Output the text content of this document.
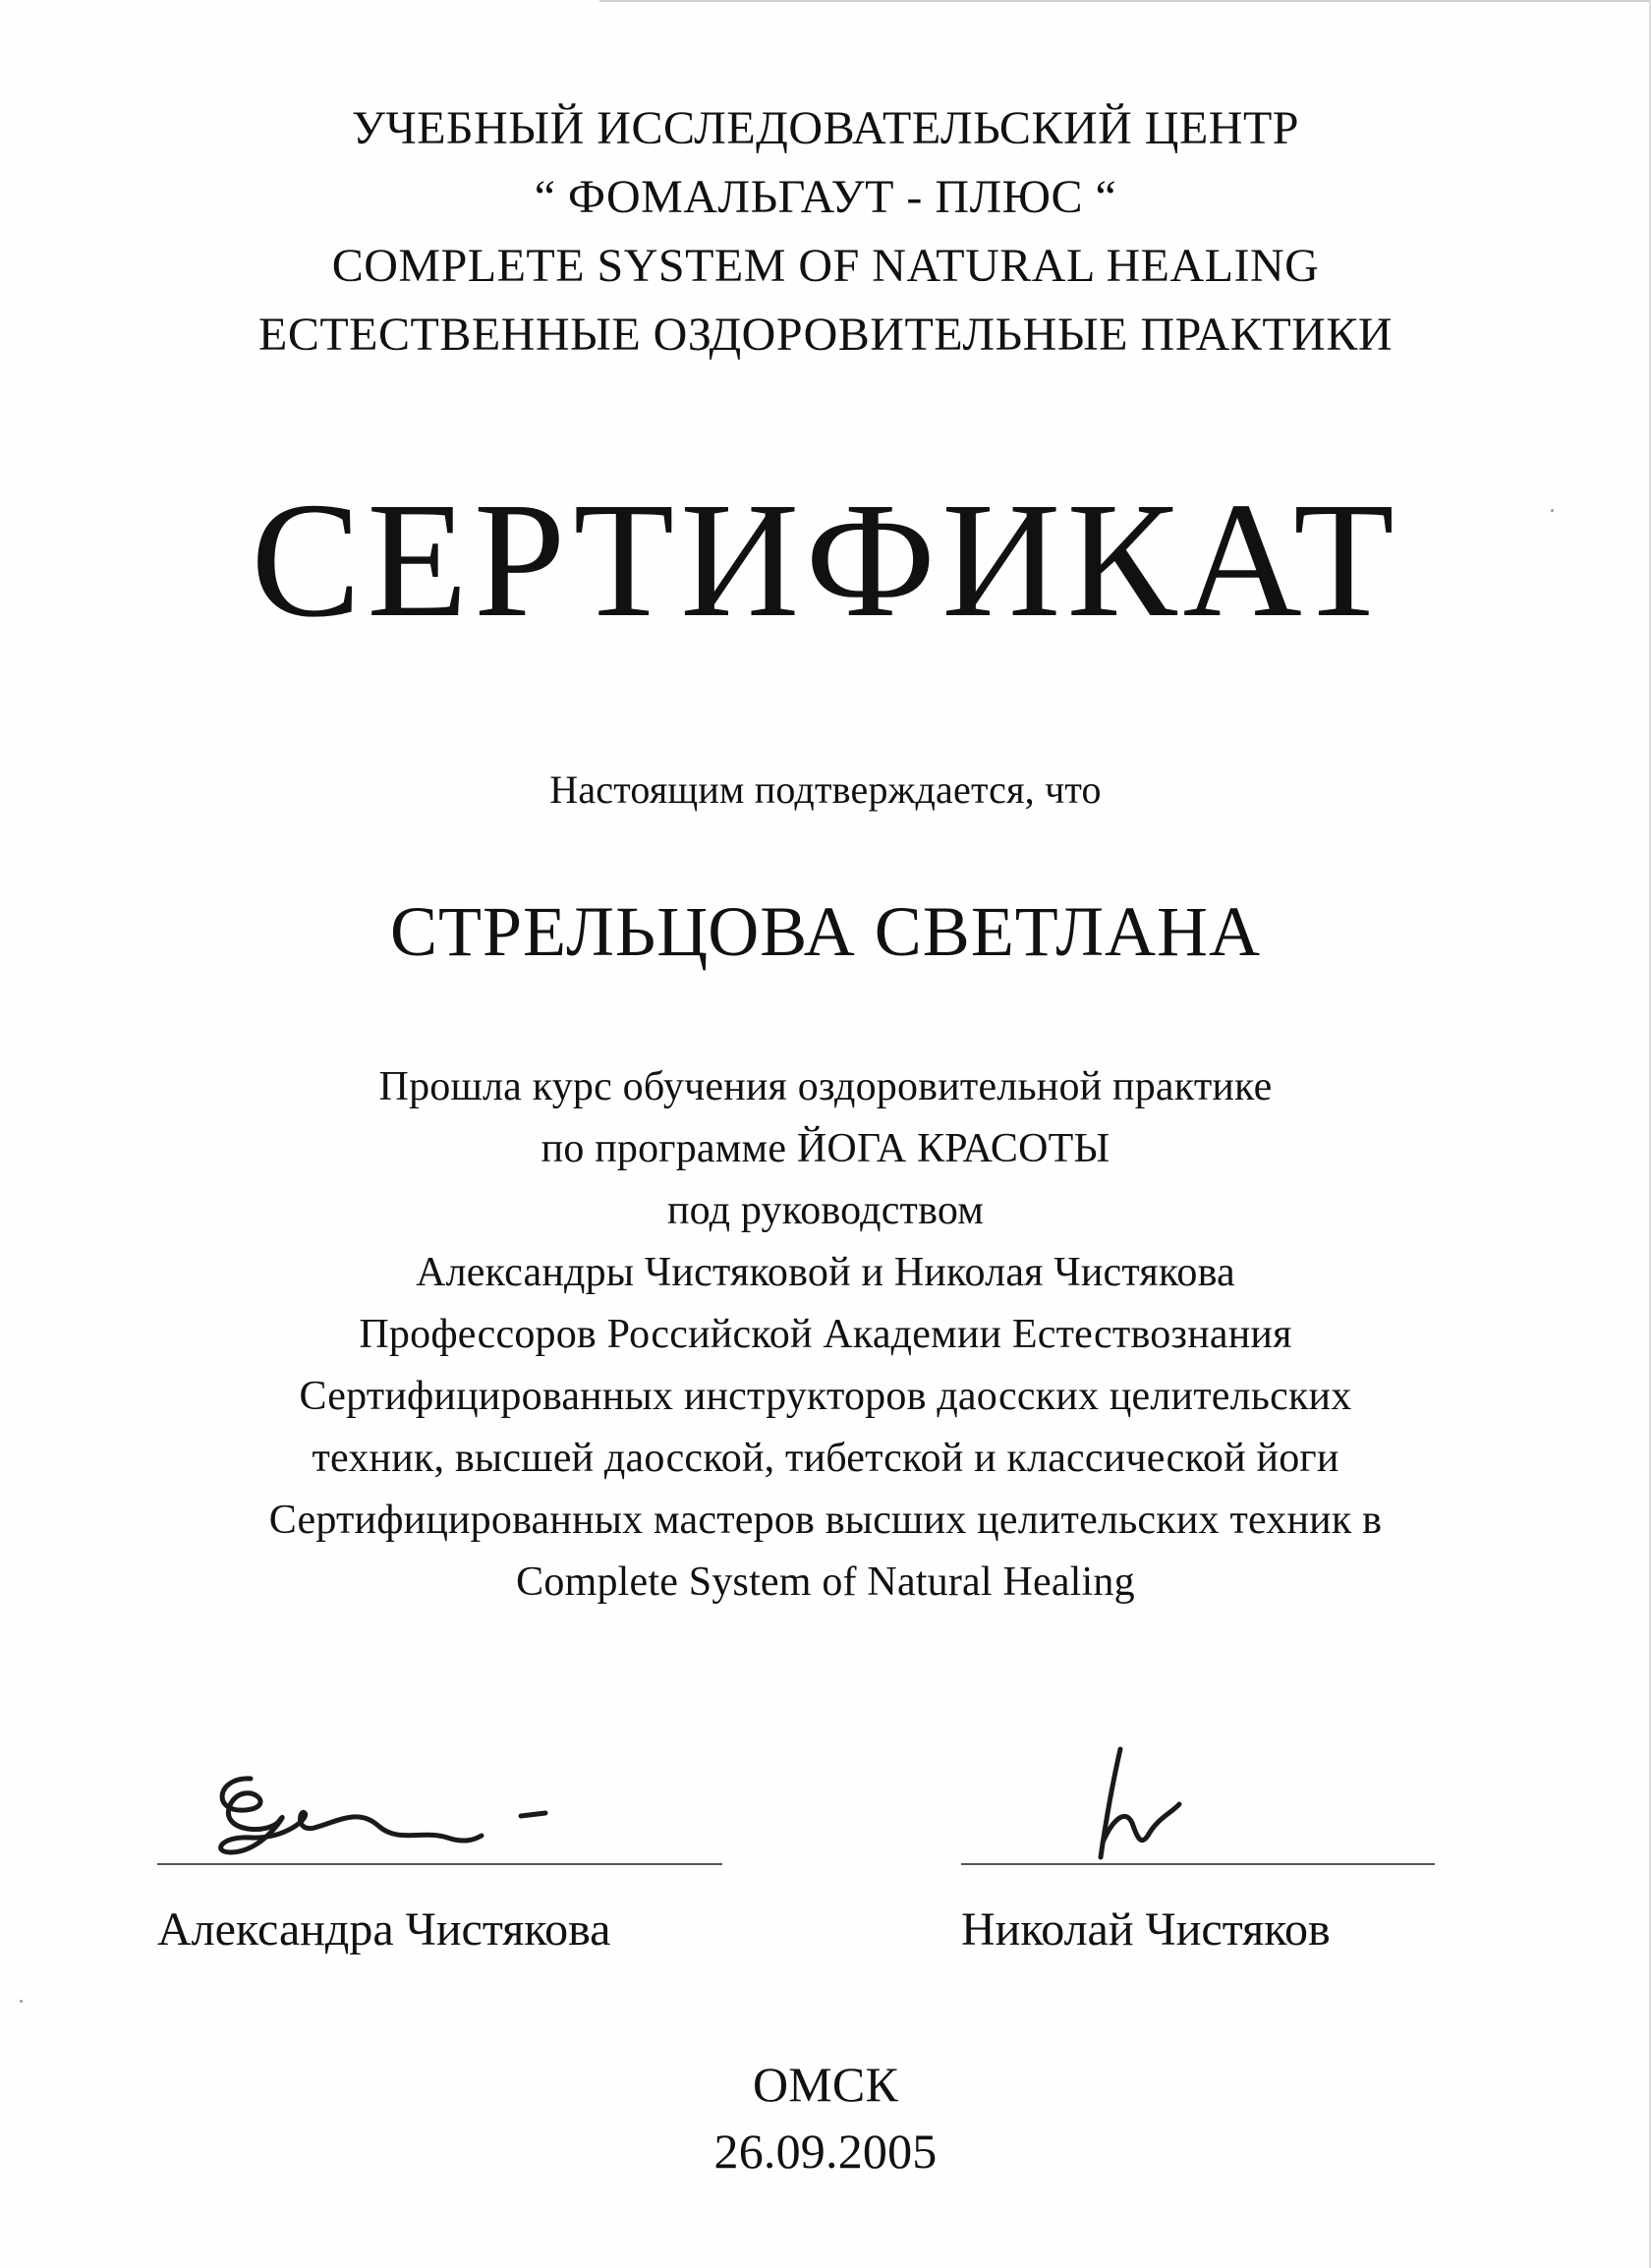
УЧЕБНЫЙ ИССЛЕДОВАТЕЛЬСКИЙ ЦЕНТР
“ ФОМАЛЬГАУТ - ПЛЮС “
COMPLETE SYSTEM OF NATURAL HEALING
ЕСТЕСТВЕННЫЕ ОЗДОРОВИТЕЛЬНЫЕ ПРАКТИКИ
СЕРТИФИКАТ
Настоящим подтверждается, что
СТРЕЛЬЦОВА СВЕТЛАНА
Прошла курс обучения оздоровительной практике
по программе ЙОГА КРАСОТЫ
под руководством
Александры Чистяковой и Николая Чистякова
Профессоров Российской Академии Естествознания
Сертифицированных инструкторов даосских целительских
техник, высшей даосской, тибетской и классической йоги
Сертифицированных мастеров высших целительских техник в
Complete System of Natural Healing
Александра Чистякова	Николай Чистяков
ОМСК
26.09.2005
